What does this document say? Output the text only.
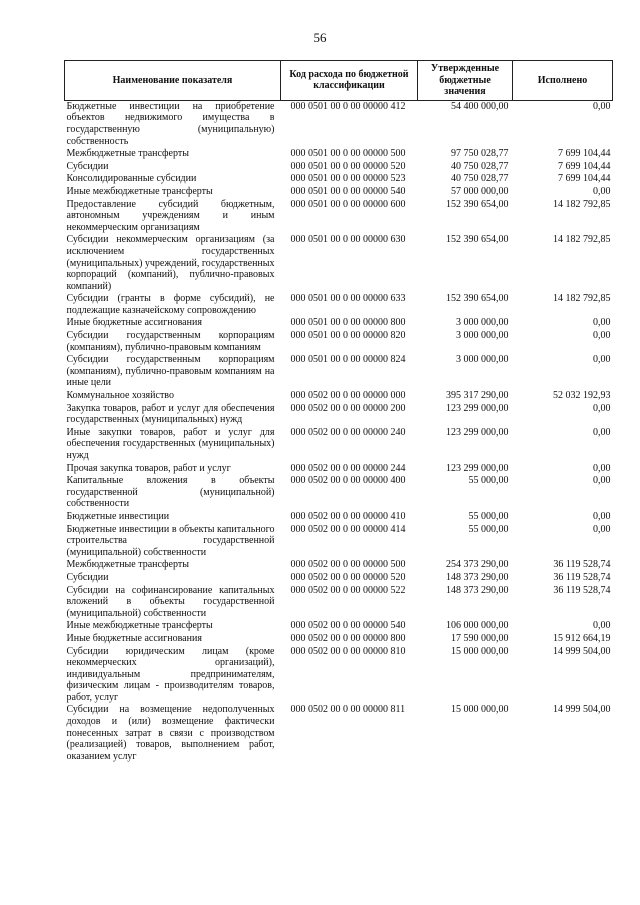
56
Наименование показателя	Код расхода по бюджетной классификации	Утвержденные бюджетные значения	Исполнено
Бюджетные инвестиции на приобретение объектов недвижимого имущества в государственную (муниципальную) собственность	000 0501 00 0 00 00000 412	54 400 000,00	0,00
Межбюджетные трансферты	000 0501 00 0 00 00000 500	97 750 028,77	7 699 104,44
Субсидии	000 0501 00 0 00 00000 520	40 750 028,77	7 699 104,44
Консолидированные субсидии	000 0501 00 0 00 00000 523	40 750 028,77	7 699 104,44
Иные межбюджетные трансферты	000 0501 00 0 00 00000 540	57 000 000,00	0,00
Предоставление субсидий бюджетным, автономным учреждениям и иным некоммерческим организациям	000 0501 00 0 00 00000 600	152 390 654,00	14 182 792,85
Субсидии некоммерческим организациям (за исключением государственных (муниципальных) учреждений, государственных корпораций (компаний), публично-правовых компаний)	000 0501 00 0 00 00000 630	152 390 654,00	14 182 792,85
Субсидии (гранты в форме субсидий), не подлежащие казначейскому сопровождению	000 0501 00 0 00 00000 633	152 390 654,00	14 182 792,85
Иные бюджетные ассигнования	000 0501 00 0 00 00000 800	3 000 000,00	0,00
Субсидии государственным корпорациям (компаниям), публично-правовым компаниям	000 0501 00 0 00 00000 820	3 000 000,00	0,00
Субсидии государственным корпорациям (компаниям), публично-правовым компаниям на иные цели	000 0501 00 0 00 00000 824	3 000 000,00	0,00
Коммунальное хозяйство	000 0502 00 0 00 00000 000	395 317 290,00	52 032 192,93
Закупка товаров, работ и услуг для обеспечения государственных (муниципальных) нужд	000 0502 00 0 00 00000 200	123 299 000,00	0,00
Иные закупки товаров, работ и услуг для обеспечения государственных (муниципальных) нужд	000 0502 00 0 00 00000 240	123 299 000,00	0,00
Прочая закупка товаров, работ и услуг	000 0502 00 0 00 00000 244	123 299 000,00	0,00
Капитальные вложения в объекты государственной (муниципальной) собственности	000 0502 00 0 00 00000 400	55 000,00	0,00
Бюджетные инвестиции	000 0502 00 0 00 00000 410	55 000,00	0,00
Бюджетные инвестиции в объекты капитального строительства государственной (муниципальной) собственности	000 0502 00 0 00 00000 414	55 000,00	0,00
Межбюджетные трансферты	000 0502 00 0 00 00000 500	254 373 290,00	36 119 528,74
Субсидии	000 0502 00 0 00 00000 520	148 373 290,00	36 119 528,74
Субсидии на софинансирование капитальных вложений в объекты государственной (муниципальной) собственности	000 0502 00 0 00 00000 522	148 373 290,00	36 119 528,74
Иные межбюджетные трансферты	000 0502 00 0 00 00000 540	106 000 000,00	0,00
Иные бюджетные ассигнования	000 0502 00 0 00 00000 800	17 590 000,00	15 912 664,19
Субсидии юридическим лицам (кроме некоммерческих организаций), индивидуальным предпринимателям, физическим лицам - производителям товаров, работ, услуг	000 0502 00 0 00 00000 810	15 000 000,00	14 999 504,00
Субсидии на возмещение недополученных доходов и (или) возмещение фактически понесенных затрат в связи с производством (реализацией) товаров, выполнением работ, оказанием услуг	000 0502 00 0 00 00000 811	15 000 000,00	14 999 504,00
